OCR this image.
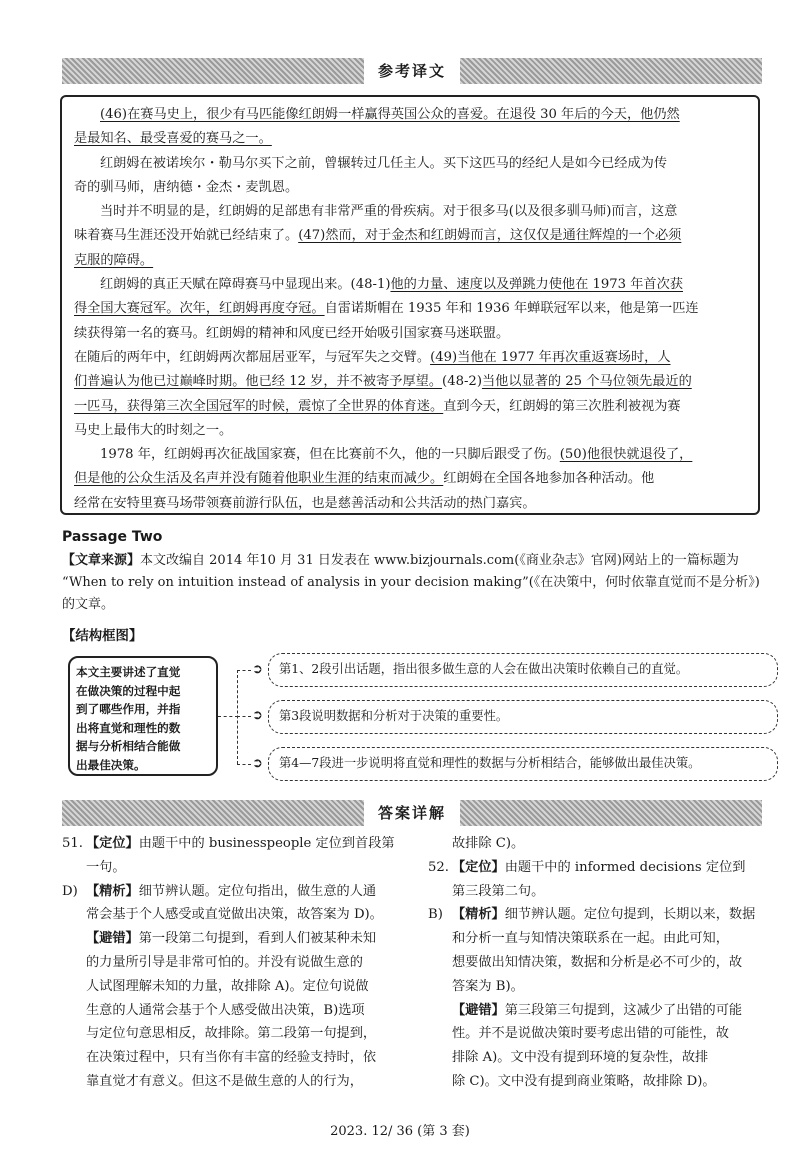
参考译文

(46)在赛马史上，很少有马匹能像红朗姆一样赢得英国公众的喜爱。在退役 30 年后的今天，他仍然

是最知名、最受喜爱的赛马之一。

红朗姆在被诺埃尔・勒马尔买下之前，曾辗转过几任主人。买下这匹马的经纪人是如今已经成为传

奇的驯马师，唐纳德・金杰・麦凯恩。

当时并不明显的是，红朗姆的足部患有非常严重的骨疾病。对于很多马(以及很多驯马师)而言，这意

味着赛马生涯还没开始就已经结束了。(47)然而，对于金杰和红朗姆而言，这仅仅是通往辉煌的一个必须

克服的障碍。

红朗姆的真正天赋在障碍赛马中显现出来。(48-1)他的力量、速度以及弹跳力使他在 1973 年首次获

得全国大赛冠军。次年，红朗姆再度夺冠。自雷诺斯帽在 1935 年和 1936 年蝉联冠军以来，他是第一匹连

续获得第一名的赛马。红朗姆的精神和风度已经开始吸引国家赛马迷联盟。

在随后的两年中，红朗姆两次都屈居亚军，与冠军失之交臂。(49)当他在 1977 年再次重返赛场时，人

们普遍认为他已过巅峰时期。他已经 12 岁，并不被寄予厚望。(48-2)当他以显著的 25 个马位领先最近的

一匹马，获得第三次全国冠军的时候，震惊了全世界的体育迷。直到今天，红朗姆的第三次胜利被视为赛

马史上最伟大的时刻之一。

1978 年，红朗姆再次征战国家赛，但在比赛前不久，他的一只脚后跟受了伤。(50)他很快就退役了，

但是他的公众生活及名声并没有随着他职业生涯的结束而减少。红朗姆在全国各地参加各种活动。他

经常在安特里赛马场带领赛前游行队伍，也是慈善活动和公共活动的热门嘉宾。

Passage Two

【文章来源】本文改编自 2014 年10 月 31 日发表在 www.bizjournals.com(《商业杂志》官网)网站上的一篇标题为

“When to rely on intuition instead of analysis in your decision making”(《在决策中，何时依靠直觉而不是分析》)

的文章。

【结构框图】
本文主要讲述了直觉
在做决策的过程中起
到了哪些作用，并指
出将直觉和理性的数
据与分析相结合能做
出最佳决策。
➲
➲
➲
第1、2段引出话题，指出很多做生意的人会在做出决策时依赖自己的直觉。
第3段说明数据和分析对于决策的重要性。
第4—7段进一步说明将直觉和理性的数据与分析相结合，能够做出最佳决策。
答案详解

51. 【定位】由题干中的 businesspeople 定位到首段第

一句。

D) 【精析】细节辨认题。定位句指出，做生意的人通

常会基于个人感受或直觉做出决策，故答案为 D)。

【避错】第一段第二句提到，看到人们被某种未知

的力量所引导是非常可怕的。并没有说做生意的

人试图理解未知的力量，故排除 A)。定位句说做

生意的人通常会基于个人感受做出决策，B)选项

与定位句意思相反，故排除。第二段第一句提到，

在决策过程中，只有当你有丰富的经验支持时，依

靠直觉才有意义。但这不是做生意的人的行为，

故排除 C)。

52. 【定位】由题干中的 informed decisions 定位到

第三段第二句。

B) 【精析】细节辨认题。定位句提到，长期以来，数据

和分析一直与知情决策联系在一起。由此可知，

想要做出知情决策，数据和分析是必不可少的，故

答案为 B)。

【避错】第三段第三句提到，这减少了出错的可能

性。并不是说做决策时要考虑出错的可能性，故

排除 A)。文中没有提到环境的复杂性，故排

除 C)。文中没有提到商业策略，故排除 D)。

2023. 12/ 36 (第 3 套)
